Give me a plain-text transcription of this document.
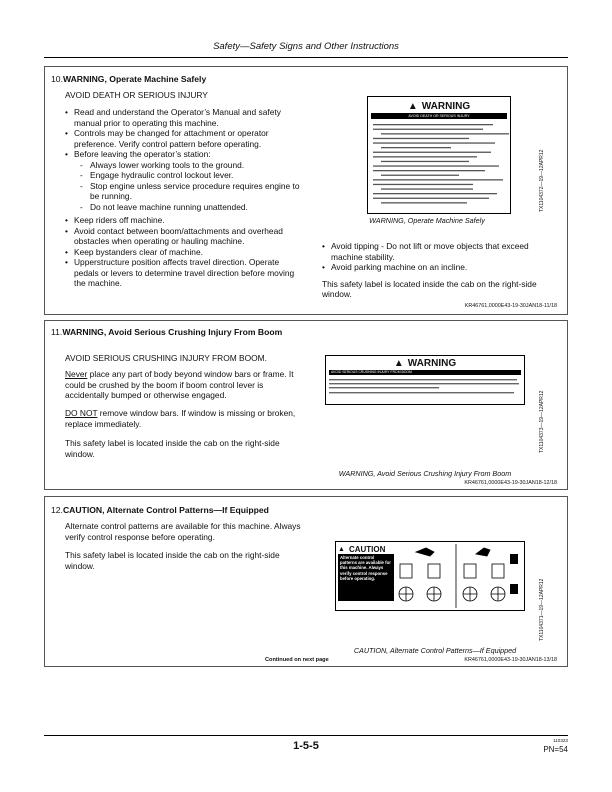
Safety—Safety Signs and Other Instructions
10.WARNING, Operate Machine Safely
AVOID DEATH OR SERIOUS INJURY
• Read and understand the Operator’s Manual and safety manual prior to operating this machine.
• Controls may be changed for attachment or operator preference. Verify control pattern before operating.
• Before leaving the operator’s station:
- Always lower working tools to the ground.
- Engage hydraulic control lockout lever.
- Stop engine unless service procedure requires engine to be running.
- Do not leave machine running unattended.
• Keep riders off machine.
• Avoid contact between boom/attachments and overhead obstacles when operating or hauling machine.
• Keep bystanders clear of machine.
• Upperstructure position affects travel direction. Operate pedals or levers to determine travel direction before moving the machine.
▲ WARNING
AVOID DEATH OR SERIOUS INJURY
TX1104372—19—12APR12
WARNING, Operate Machine Safely
• Avoid tipping - Do not lift or move objects that exceed machine stability.
• Avoid parking machine on an incline.
This safety label is located inside the cab on the right-side window.
KR46761,0000E43-19-30JAN18-11/18
11.WARNING, Avoid Serious Crushing Injury From Boom
AVOID SERIOUS CRUSHING INJURY FROM BOOM.
Never place any part of body beyond window bars or frame. It could be crushed by the boom if boom control lever is accidentally bumped or otherwise engaged.
DO NOT remove window bars. If window is missing or broken, replace immediately.
This safety label is located inside the cab on the right-side window.
▲ WARNING
AVOID SERIOUS CRUSHING INJURY FROM BOOM
TX1104373—19—12APR12
WARNING, Avoid Serious Crushing Injury From Boom
KR46761,0000E43-19-30JAN18-12/18
12.CAUTION, Alternate Control Patterns—If Equipped
Alternate control patterns are available for this machine. Always verify control response before operating.
This safety label is located inside the cab on the right-side window.
▲ CAUTION
Alternate control patterns are available for this machine. Always verify control response before operating.
TX1104371—19—12APR12
CAUTION, Alternate Control Patterns—If Equipped
Continued on next page	KR46761,0000E43-19-30JAN18-13/18
1-5-5	110323
PN=54
